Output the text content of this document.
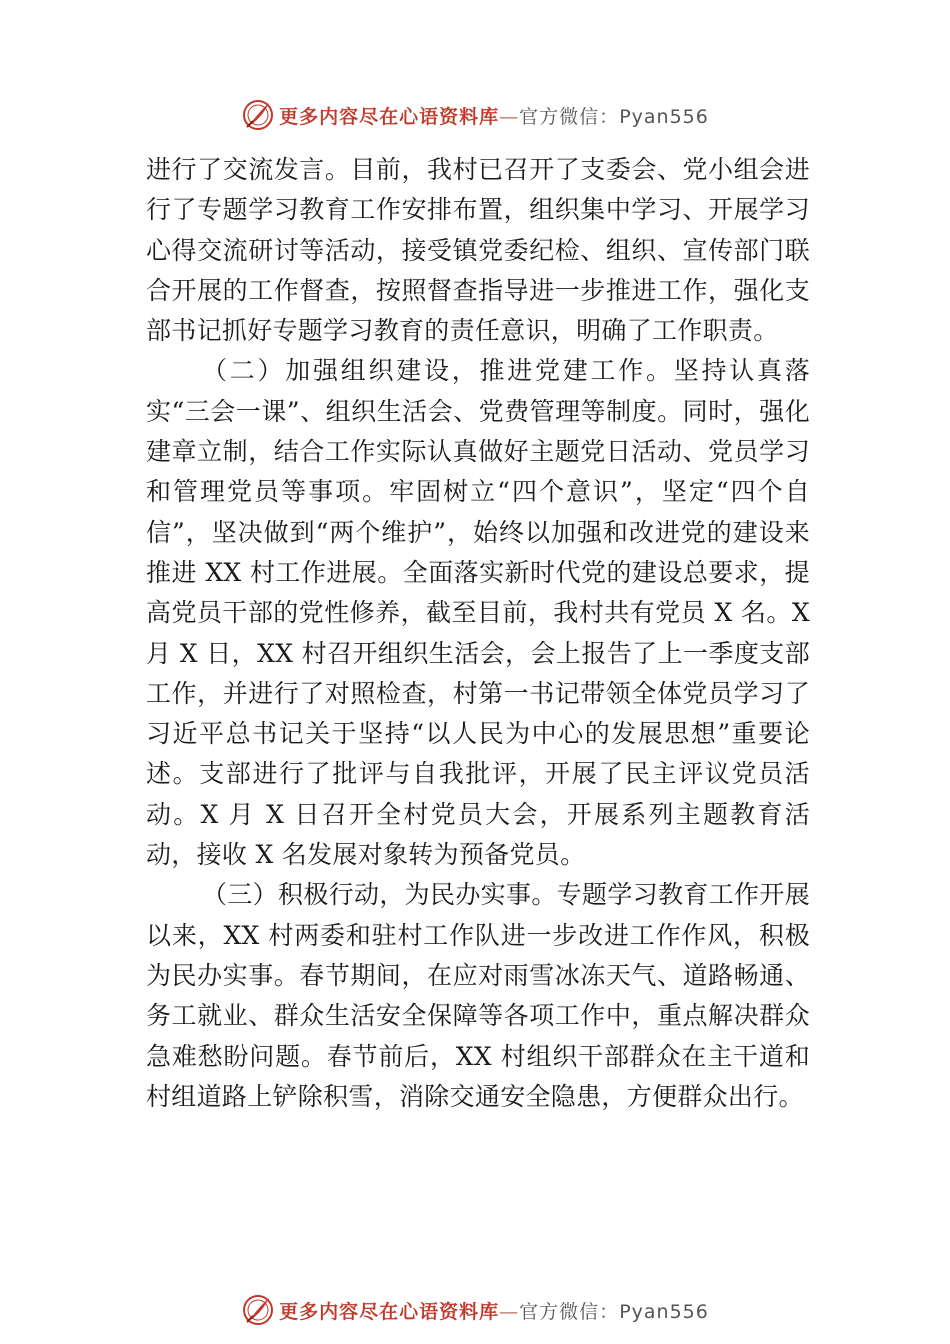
更多内容尽在心语资料库—官方微信：Pyan556

进行了交流发言。目前，我村已召开了支委会、党小组会进行了专题学习教育工作安排布置，组织集中学习、开展学习心得交流研讨等活动，接受镇党委纪检、组织、宣传部门联合开展的工作督查，按照督查指导进一步推进工作，强化支部书记抓好专题学习教育的责任意识，明确了工作职责。

（二）加强组织建设，推进党建工作。坚持认真落实“三会一课”、组织生活会、党费管理等制度。同时，强化建章立制，结合工作实际认真做好主题党日活动、党员学习和管理党员等事项。牢固树立“四个意识”，坚定“四个自信”，坚决做到“两个维护”，始终以加强和改进党的建设来推进 XX 村工作进展。全面落实新时代党的建设总要求，提高党员干部的党性修养，截至目前，我村共有党员 X 名。X 月 X 日，XX 村召开组织生活会，会上报告了上一季度支部工作，并进行了对照检查，村第一书记带领全体党员学习了习近平总书记关于坚持“以人民为中心的发展思想”重要论述。支部进行了批评与自我批评，开展了民主评议党员活动。X 月 X 日召开全村党员大会，开展系列主题教育活动，接收 X 名发展对象转为预备党员。

（三）积极行动，为民办实事。专题学习教育工作开展以来，XX 村两委和驻村工作队进一步改进工作作风，积极为民办实事。春节期间，在应对雨雪冰冻天气、道路畅通、 务工就业、群众生活安全保障等各项工作中，重点解决群众急难愁盼问题。春节前后，XX 村组织干部群众在主干道和村组道路上铲除积雪，消除交通安全隐患，方便群众出行。

更多内容尽在心语资料库—官方微信：Pyan556
